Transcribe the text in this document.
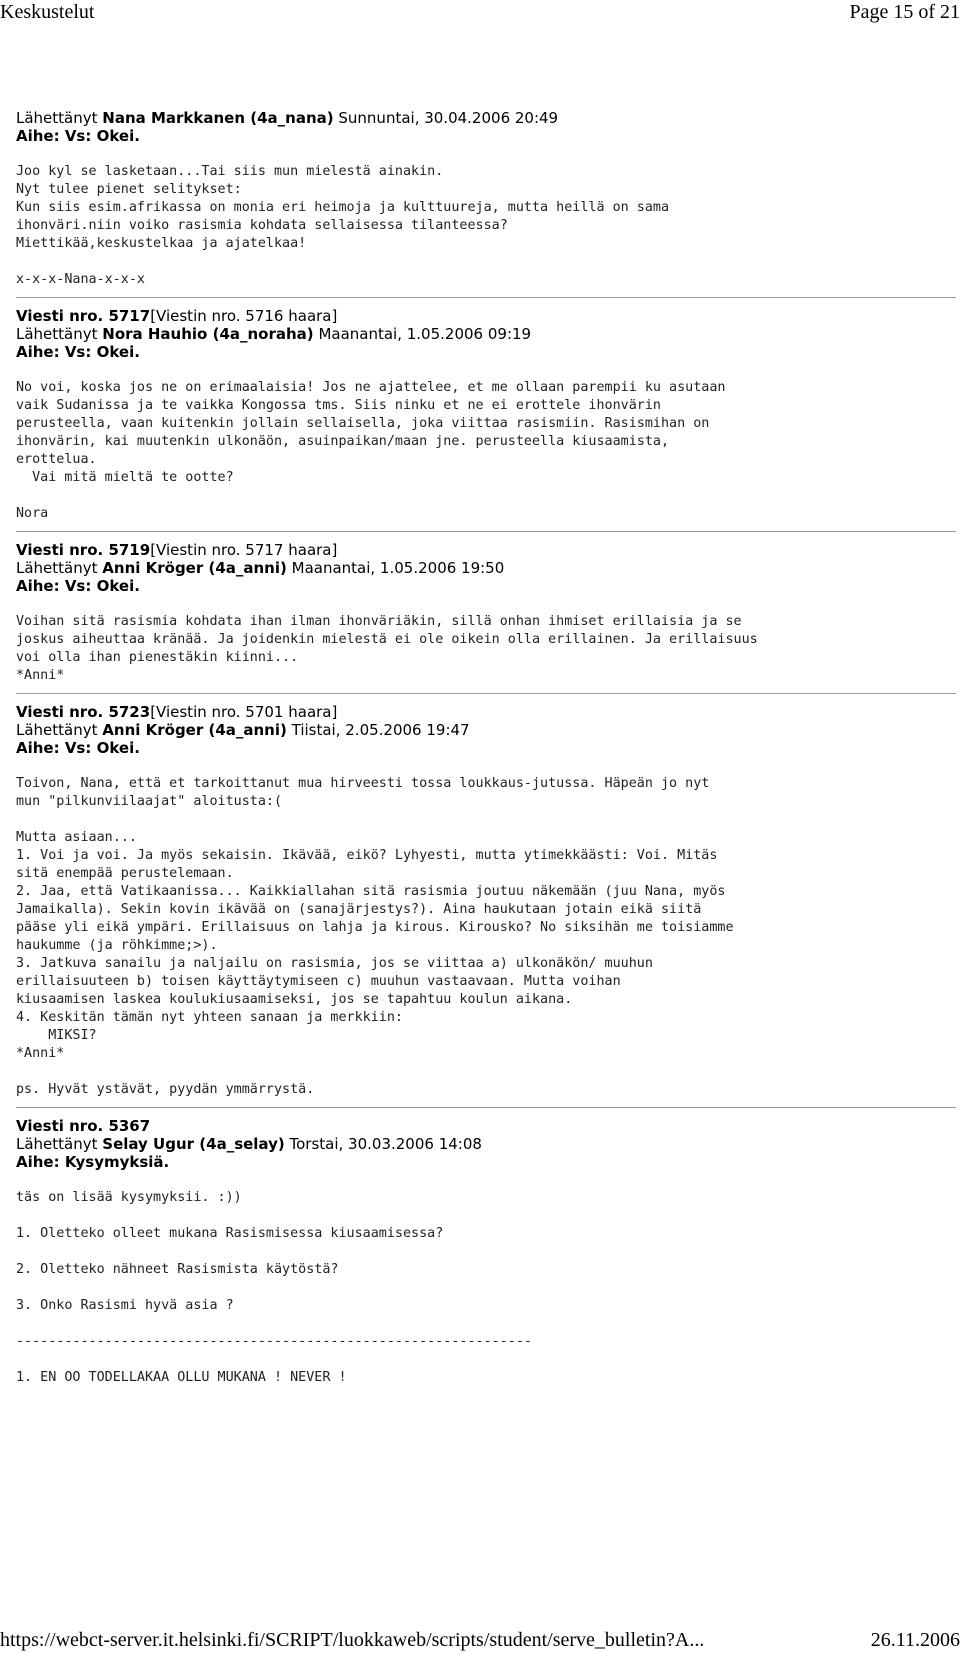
Keskustelut	Page 15 of 21
Lähettänyt Nana Markkanen (4a_nana) Sunnuntai, 30.04.2006 20:49
Aihe: Vs: Okei.
Joo kyl se lasketaan...Tai siis mun mielestä ainakin.
Nyt tulee pienet selitykset:
Kun siis esim.afrikassa on monia eri heimoja ja kulttuureja, mutta heillä on sama
ihonväri.niin voiko rasismia kohdata sellaisessa tilanteessa?
Miettikää,keskustelkaa ja ajatelkaa!

x-x-x-Nana-x-x-x
Viesti nro. 5717[Viestin nro. 5716 haara]
Lähettänyt Nora Hauhio (4a_noraha) Maanantai, 1.05.2006 09:19
Aihe: Vs: Okei.
No voi, koska jos ne on erimaalaisia! Jos ne ajattelee, et me ollaan parempii ku asutaan
vaik Sudanissa ja te vaikka Kongossa tms. Siis ninku et ne ei erottele ihonvärin
perusteella, vaan kuitenkin jollain sellaisella, joka viittaa rasismiin. Rasismihan on
ihonvärin, kai muutenkin ulkonäön, asuinpaikan/maan jne. perusteella kiusaamista,
erottelua.
Vai mitä mieltä te ootte?

Nora
Viesti nro. 5719[Viestin nro. 5717 haara]
Lähettänyt Anni Kröger (4a_anni) Maanantai, 1.05.2006 19:50
Aihe: Vs: Okei.
Voihan sitä rasismia kohdata ihan ilman ihonväriäkin, sillä onhan ihmiset erillaisia ja se
joskus aiheuttaa kränää. Ja joidenkin mielestä ei ole oikein olla erillainen. Ja erillaisuus
voi olla ihan pienestäkin kiinni...
*Anni*
Viesti nro. 5723[Viestin nro. 5701 haara]
Lähettänyt Anni Kröger (4a_anni) Tiistai, 2.05.2006 19:47
Aihe: Vs: Okei.
Toivon, Nana, että et tarkoittanut mua hirveesti tossa loukkaus-jutussa. Häpeän jo nyt
mun "pilkunviilaajat" aloitusta:(

Mutta asiaan...
1. Voi ja voi. Ja myös sekaisin. Ikävää, eikö? Lyhyesti, mutta ytimekkäästi: Voi. Mitäs
sitä enempää perustelemaan.
2. Jaa, että Vatikaanissa... Kaikkiallahan sitä rasismia joutuu näkemään (juu Nana, myös
Jamaikalla). Sekin kovin ikävää on (sanajärjestys?). Aina haukutaan jotain eikä siitä
pääse yli eikä ympäri. Erillaisuus on lahja ja kirous. Kirousko? No siksihän me toisiamme
haukumme (ja röhkimme;>).
3. Jatkuva sanailu ja naljailu on rasismia, jos se viittaa a) ulkonäkön/ muuhun
erillaisuuteen b) toisen käyttäytymiseen c) muuhun vastaavaan. Mutta voihan
kiusaamisen laskea koulukiusaamiseksi, jos se tapahtuu koulun aikana.
4. Keskitän tämän nyt yhteen sanaan ja merkkiin:
MIKSI?
*Anni*

ps. Hyvät ystävät, pyydän ymmärrystä.
Viesti nro. 5367
Lähettänyt Selay Ugur (4a_selay) Torstai, 30.03.2006 14:08
Aihe: Kysymyksiä.
täs on lisää kysymyksii. :))

1. Oletteko olleet mukana Rasismisessa kiusaamisessa?

2. Oletteko nähneet Rasismista käytöstä?

3. Onko Rasismi hyvä asia ?

----------------------------------------------------------------

1. EN OO TODELLAKAA OLLU MUKANA ! NEVER !
https://webct-server.it.helsinki.fi/SCRIPT/luokkaweb/scripts/student/serve_bulletin?A...	26.11.2006
